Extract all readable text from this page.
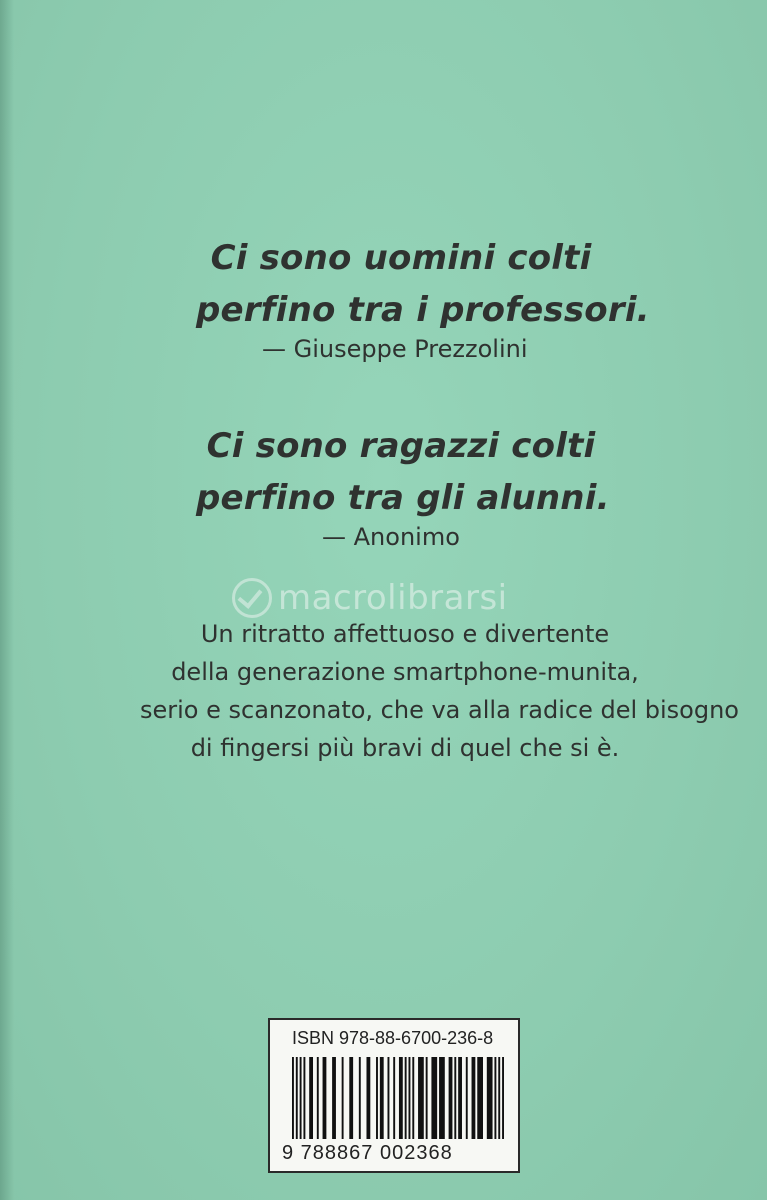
Ci sono uomini colti
perfino tra i professori.
— Giuseppe Prezzolini
Ci sono ragazzi colti
perfino tra gli alunni.
— Anonimo
macrolibrarsi
Un ritratto affettuoso e divertente
della generazione smartphone-munita,
serio e scanzonato, che va alla radice del bisogno
di fingersi più bravi di quel che si è.
ISBN 978-88-6700-236-8
9 788867 002368
